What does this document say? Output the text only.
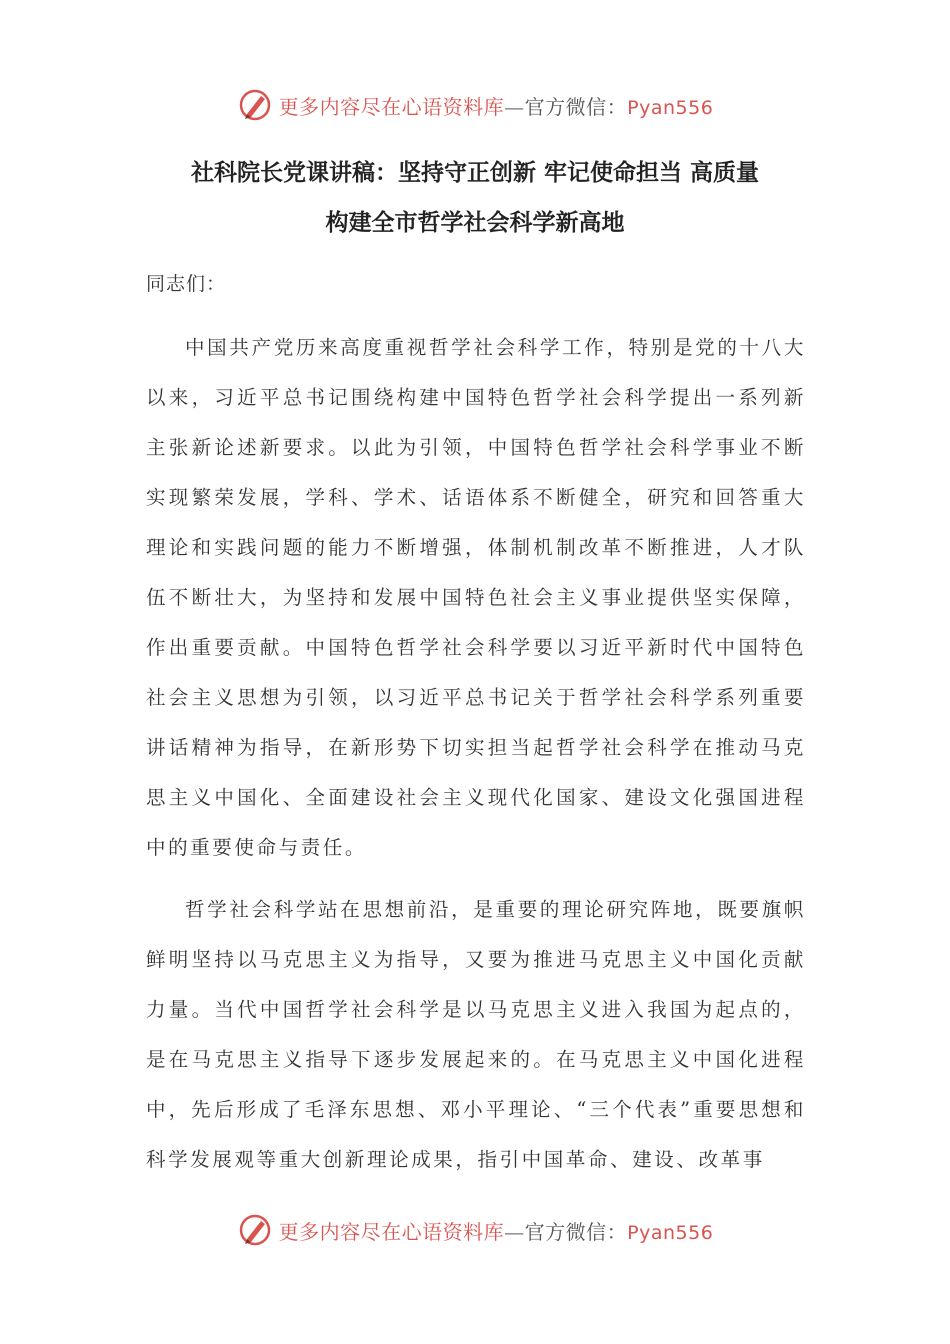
更多内容尽在心语资料库—官方微信：Pyan556
社科院长党课讲稿：坚持守正创新 牢记使命担当 高质量
构建全市哲学社会科学新高地
同志们：
中国共产党历来高度重视哲学社会科学工作，特别是党的十八大以来，习近平总书记围绕构建中国特色哲学社会科学提出一系列新主张新论述新要求。以此为引领，中国特色哲学社会科学事业不断实现繁荣发展，学科、学术、话语体系不断健全，研究和回答重大理论和实践问题的能力不断增强，体制机制改革不断推进，人才队伍不断壮大，为坚持和发展中国特色社会主义事业提供坚实保障，作出重要贡献。中国特色哲学社会科学要以习近平新时代中国特色社会主义思想为引领，以习近平总书记关于哲学社会科学系列重要讲话精神为指导，在新形势下切实担当起哲学社会科学在推动马克思主义中国化、全面建设社会主义现代化国家、建设文化强国进程中的重要使命与责任。
哲学社会科学站在思想前沿，是重要的理论研究阵地，既要旗帜鲜明坚持以马克思主义为指导，又要为推进马克思主义中国化贡献力量。当代中国哲学社会科学是以马克思主义进入我国为起点的，是在马克思主义指导下逐步发展起来的。在马克思主义中国化进程中，先后形成了毛泽东思想、邓小平理论、“三个代表”重要思想和科学发展观等重大创新理论成果，指引中国革命、建设、改革事
更多内容尽在心语资料库—官方微信：Pyan556
